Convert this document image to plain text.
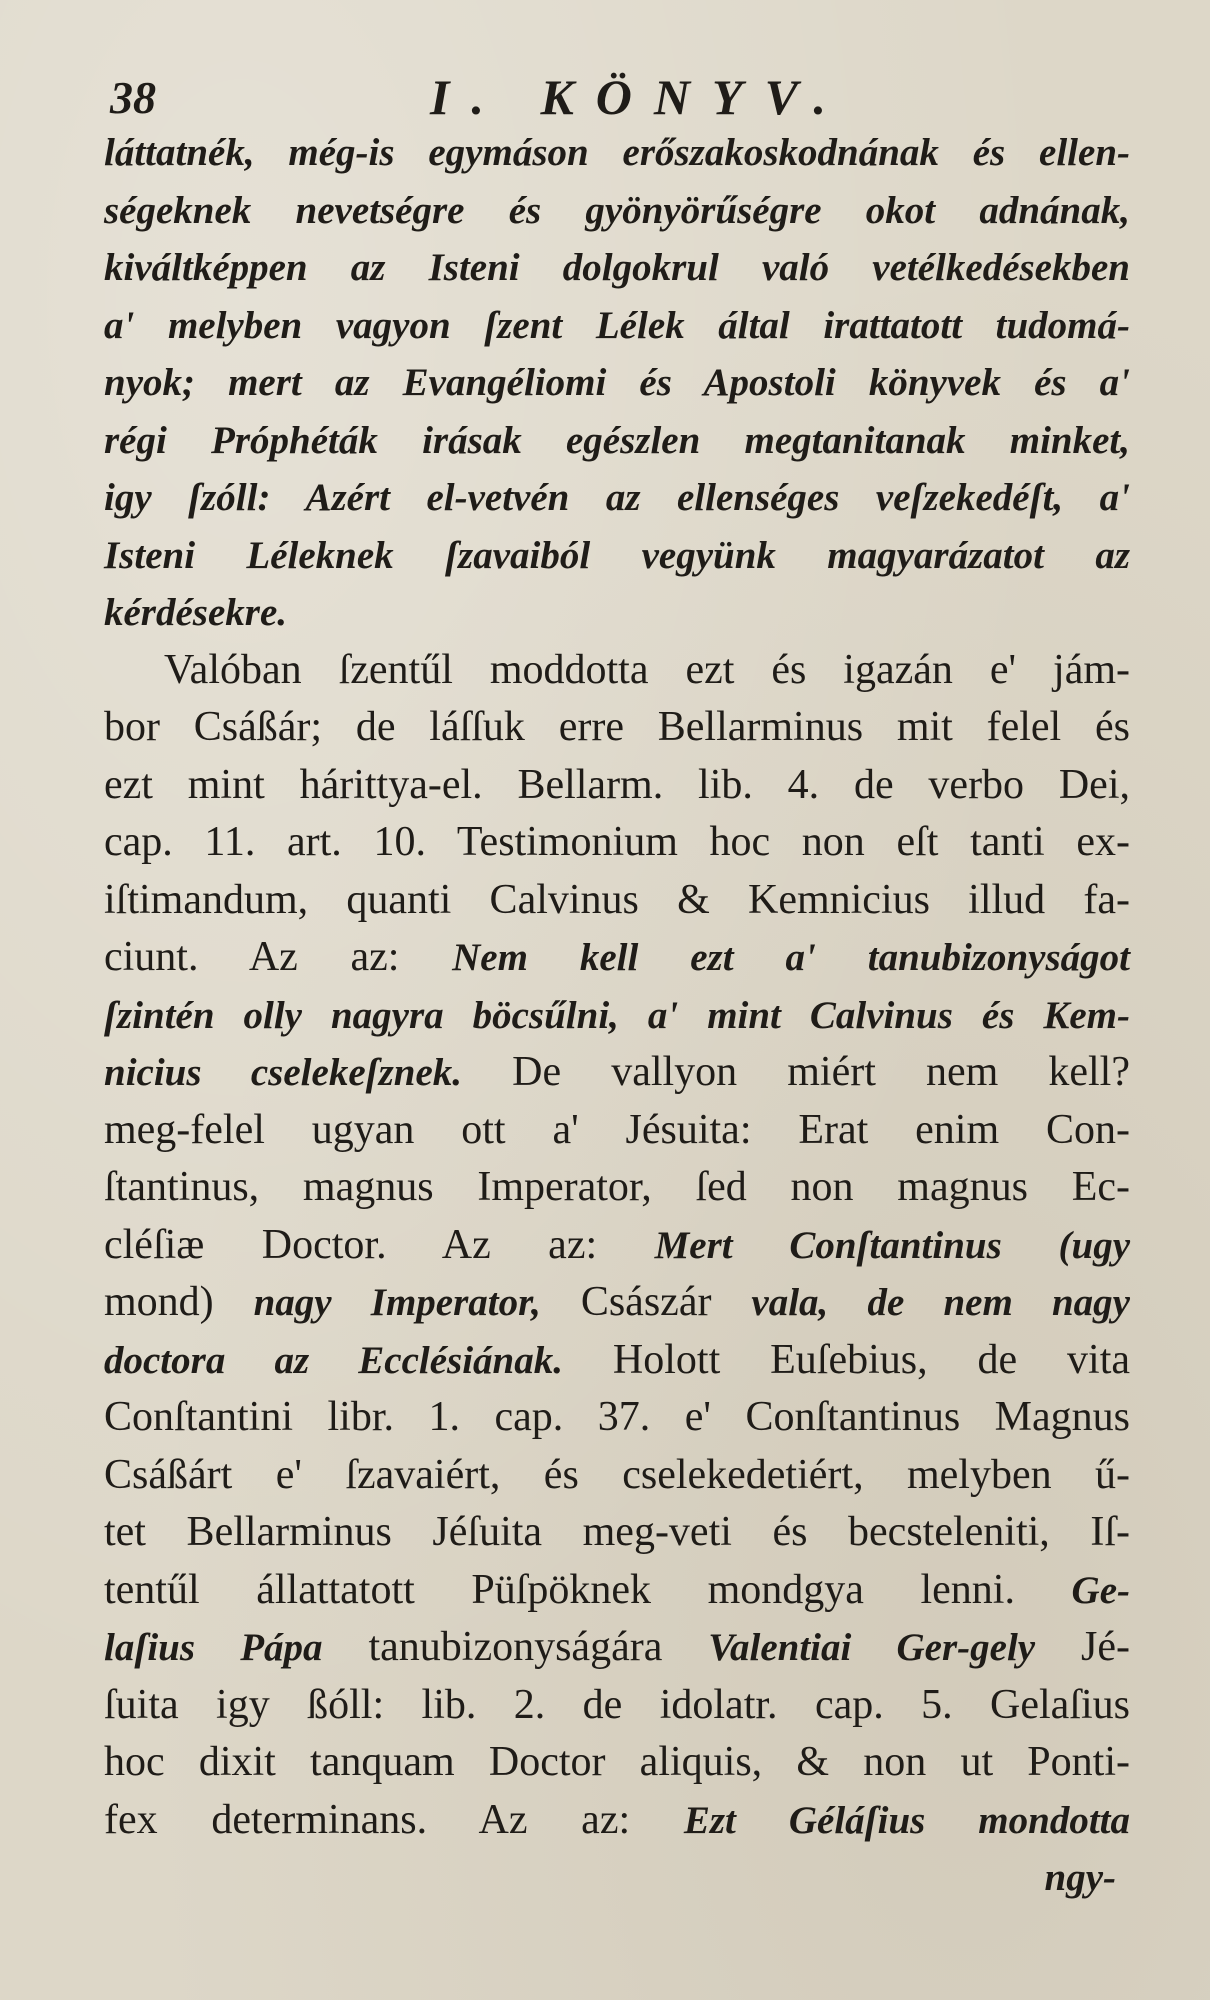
38	I. KÖNYV.
láttatnék, még-is egymáson erőszakoskodnának és ellen-
ségeknek nevetségre és gyönyörűségre okot adnának,
kiváltképpen az Isteni dolgokrul való vetélkedésekben
a' melyben vagyon ſzent Lélek által irattatott tudomá-
nyok; mert az Evangéliomi és Apostoli könyvek és a'
régi Próphéták irásak egészlen megtanitanak minket,
igy ſzóll: Azért el-vetvén az ellenséges veſzekedéſt, a'
Isteni Léleknek ſzavaiból vegyünk magyarázatot az
kérdésekre.
Valóban ſzentűl moddotta ezt és igazán e' jám-
bor Csáßár; de láſſuk erre Bellarminus mit felel és
ezt mint hárittya-el. Bellarm. lib. 4. de verbo Dei,
cap. 11. art. 10. Testimonium hoc non eſt tanti ex-
iſtimandum, quanti Calvinus & Kemnicius illud fa-
ciunt. Az az: Nem kell ezt a' tanubizonyságot
ſzintén olly nagyra böcsűlni, a' mint Calvinus és Kem-
nicius cselekeſznek. De vallyon miért nem kell?
meg-felel ugyan ott a' Jésuita: Erat enim Con-
ſtantinus, magnus Imperator, ſed non magnus Ec-
cléſiæ Doctor. Az az: Mert Conſtantinus (ugy
mond) nagy Imperator, Császár vala, de nem nagy
doctora az Ecclésiának. Holott Euſebius, de vita
Conſtantini libr. 1. cap. 37. e' Conſtantinus Magnus
Csáßárt e' ſzavaiért, és cselekedetiért, melyben ű-
tet Bellarminus Jéſuita meg-veti és becsteleniti, Iſ-
tentűl állattatott Püſpöknek mondgya lenni. Ge-
laſius Pápa tanubizonyságára Valentiai Ger-gely Jé-
ſuita igy ßóll: lib. 2. de idolatr. cap. 5. Gelaſius
hoc dixit tanquam Doctor aliquis, & non ut Ponti-
fex determinans. Az az: Ezt Géláſius mondotta
ngy-
